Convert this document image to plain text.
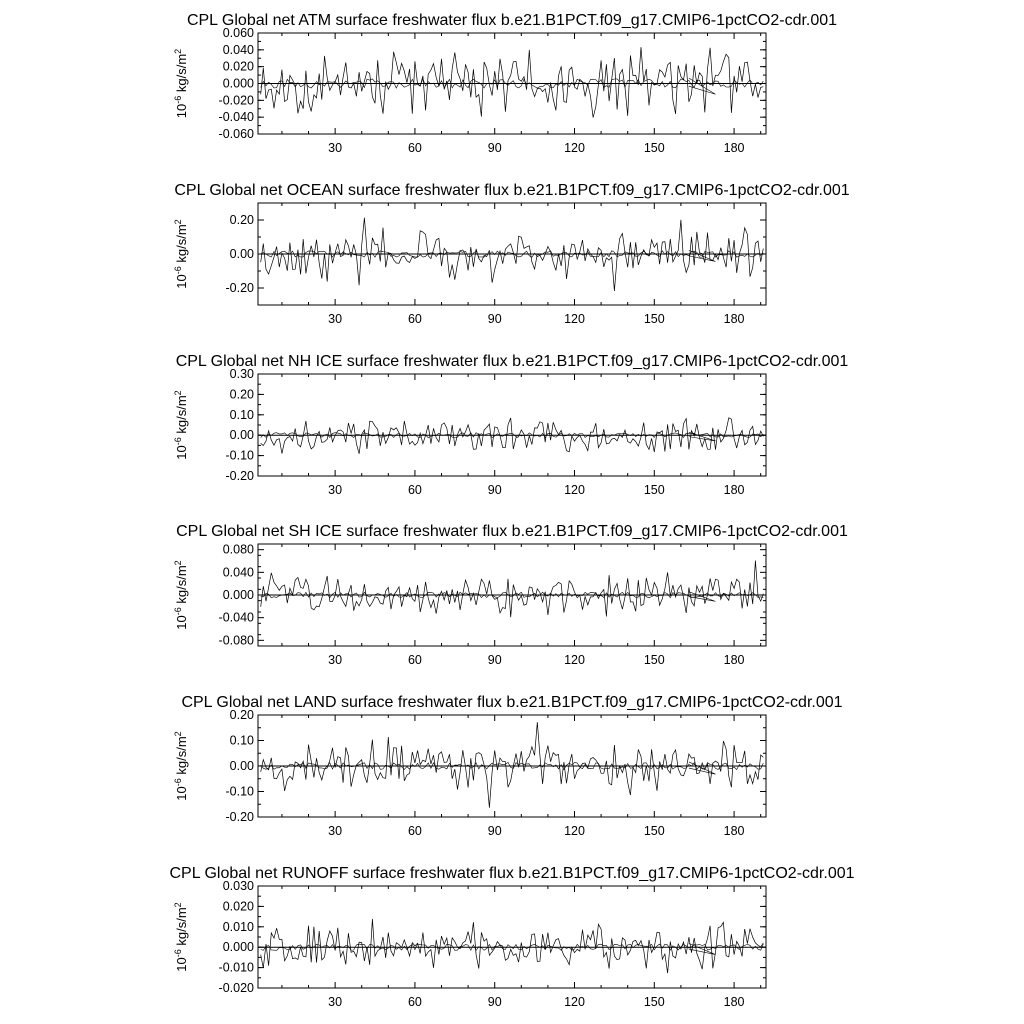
CPL Global net ATM surface freshwater flux b.e21.B1PCT.f09_g17.CMIP6-1pctCO2-cdr.001
-0.060
-0.040
-0.020
0.000
0.020
0.040
0.060
30	60	90	120	150	180
$10^{-6}$ $kg/s/m^2$
CPL Global net OCEAN surface freshwater flux b.e21.B1PCT.f09_g17.CMIP6-1pctCO2-cdr.001
-0.20
0.00
0.20
30	60	90	120	150	180
$10^{-6}$ $kg/s/m^2$
CPL Global net NH ICE surface freshwater flux b.e21.B1PCT.f09_g17.CMIP6-1pctCO2-cdr.001
-0.20
-0.10
0.00
0.10
0.20
0.30
30	60	90	120	150	180
$10^{-6}$ $kg/s/m^2$
CPL Global net SH ICE surface freshwater flux b.e21.B1PCT.f09_g17.CMIP6-1pctCO2-cdr.001
-0.080
-0.040
0.000
0.040
0.080
30	60	90	120	150	180
$10^{-6}$ $kg/s/m^2$
CPL Global net LAND surface freshwater flux b.e21.B1PCT.f09_g17.CMIP6-1pctCO2-cdr.001
-0.20
-0.10
0.00
0.10
0.20
30	60	90	120	150	180
$10^{-6}$ $kg/s/m^2$
CPL Global net RUNOFF surface freshwater flux b.e21.B1PCT.f09_g17.CMIP6-1pctCO2-cdr.001
-0.020
-0.010
0.000
0.010
0.020
0.030
30	60	90	120	150	180
$10^{-6}$ $kg/s/m^2$
